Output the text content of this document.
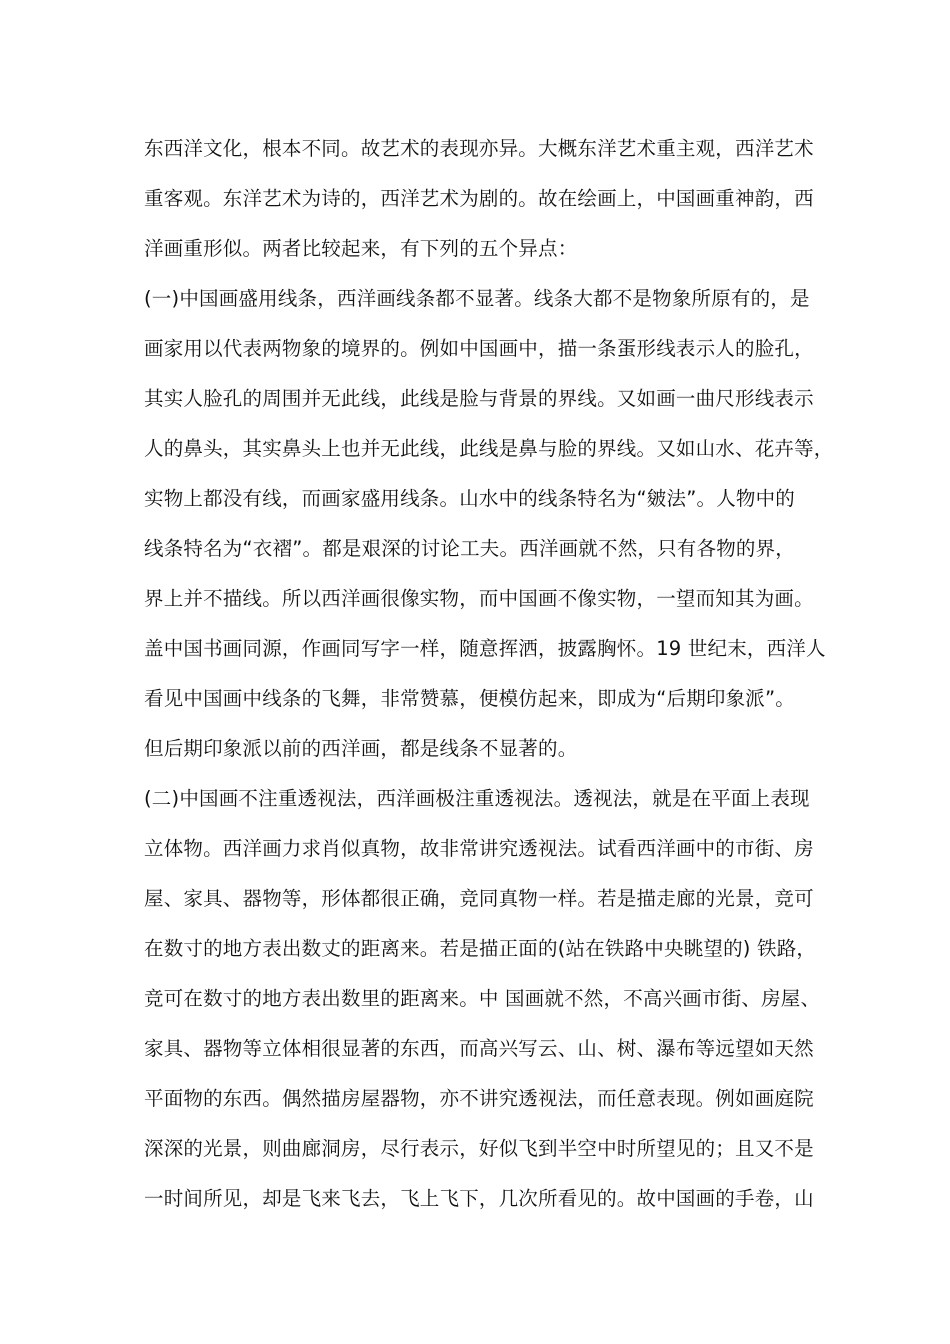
东西洋文化，根本不同。故艺术的表现亦异。大概东洋艺术重主观，西洋艺术
重客观。东洋艺术为诗的，西洋艺术为剧的。故在绘画上，中国画重神韵，西
洋画重形似。两者比较起来，有下列的五个异点：
(一)中国画盛用线条，西洋画线条都不显著。线条大都不是物象所原有的，是
画家用以代表两物象的境界的。例如中国画中，描一条蛋形线表示人的脸孔，
其实人脸孔的周围并无此线，此线是脸与背景的界线。又如画一曲尺形线表示
人的鼻头，其实鼻头上也并无此线，此线是鼻与脸的界线。又如山水、花卉等，
实物上都没有线，而画家盛用线条。山水中的线条特名为“皴法”。人物中的
线条特名为“衣褶”。都是艰深的讨论工夫。西洋画就不然，只有各物的界，
界上并不描线。所以西洋画很像实物，而中国画不像实物，一望而知其为画。
盖中国书画同源，作画同写字一样，随意挥洒，披露胸怀。19 世纪末，西洋人
看见中国画中线条的飞舞，非常赞慕，便模仿起来，即成为“后期印象派”。
但后期印象派以前的西洋画，都是线条不显著的。
(二)中国画不注重透视法，西洋画极注重透视法。透视法，就是在平面上表现
立体物。西洋画力求肖似真物，故非常讲究透视法。试看西洋画中的市街、房
屋、家具、器物等，形体都很正确，竞同真物一样。若是描走廊的光景，竞可
在数寸的地方表出数丈的距离来。若是描正面的(站在铁路中央眺望的) 铁路，
竞可在数寸的地方表出数里的距离来。中 国画就不然，不高兴画市街、房屋、
家具、器物等立体相很显著的东西，而高兴写云、山、树、瀑布等远望如天然
平面物的东西。偶然描房屋器物，亦不讲究透视法，而任意表现。例如画庭院
深深的光景，则曲廊洞房，尽行表示，好似飞到半空中时所望见的；且又不是
一时间所见，却是飞来飞去，飞上飞下，几次所看见的。故中国画的手卷，山
